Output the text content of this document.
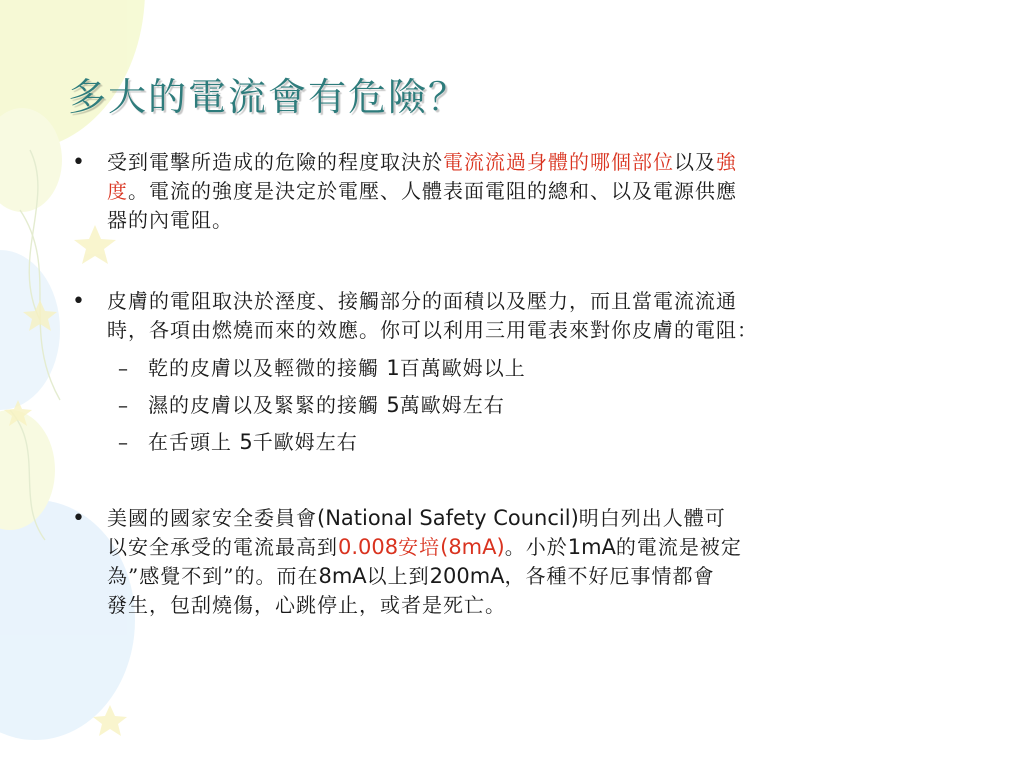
多大的電流會有危險？
• 受到電擊所造成的危險的程度取決於電流流過身體的哪個部位以及強
度。電流的強度是決定於電壓、人體表面電阻的總和、以及電源供應
器的內電阻。
• 皮膚的電阻取決於溼度、接觸部分的面積以及壓力，而且當電流流通
時，各項由燃燒而來的效應。你可以利用三用電表來對你皮膚的電阻：
– 乾的皮膚以及輕微的接觸 1百萬歐姆以上
– 濕的皮膚以及緊緊的接觸 5萬歐姆左右
– 在舌頭上 5千歐姆左右
• 美國的國家安全委員會(National Safety Council)明白列出人體可
以安全承受的電流最高到0.008安培(8mA)。小於1mA的電流是被定
為”感覺不到”的。而在8mA以上到200mA，各種不好厄事情都會
發生，包刮燒傷，心跳停止，或者是死亡。
